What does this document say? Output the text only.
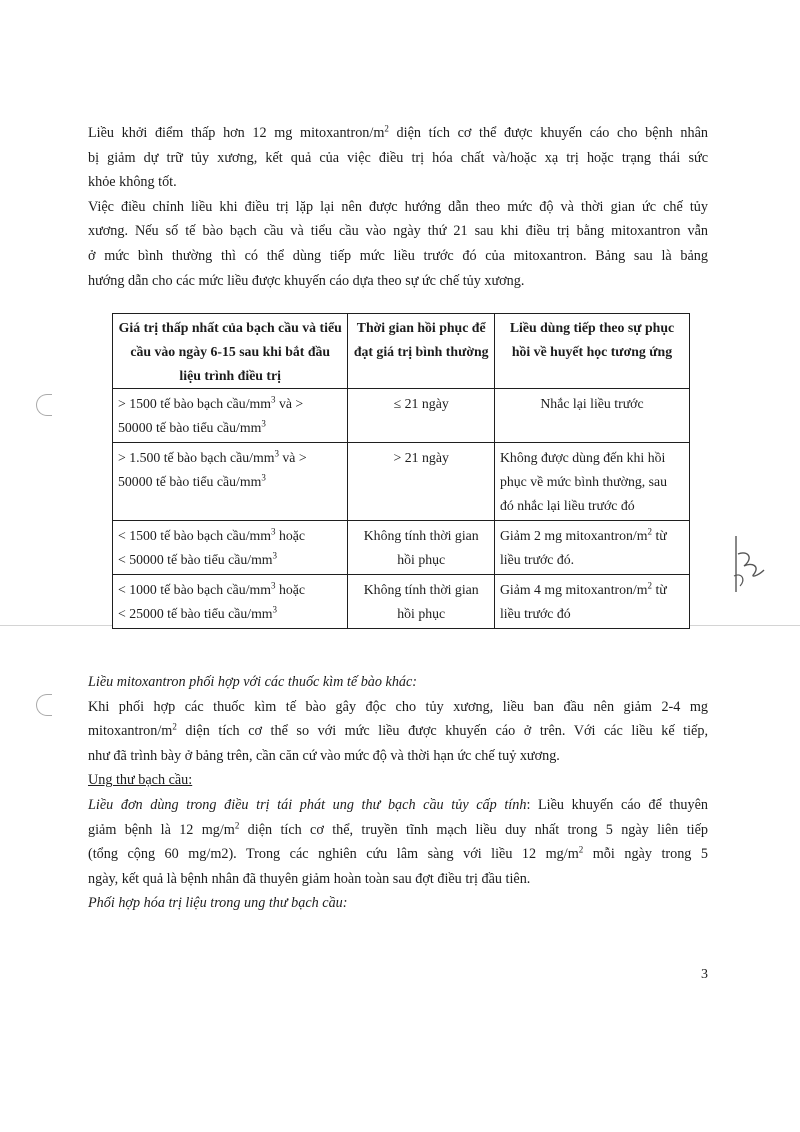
Liều khởi điểm thấp hơn 12 mg mitoxantron/$m^2$ diện tích cơ thể được khuyến cáo cho bệnh nhân

bị giảm dự trữ tủy xương, kết quả của việc điều trị hóa chất và/hoặc xạ trị hoặc trạng thái sức

khỏe không tốt.

Việc điều chỉnh liều khi điều trị lặp lại nên được hướng dẫn theo mức độ và thời gian ức chế tủy

xương. Nếu số tế bào bạch cầu và tiểu cầu vào ngày thứ 21 sau khi điều trị bằng mitoxantron vẫn

ở mức bình thường thì có thể dùng tiếp mức liều trước đó của mitoxantron. Bảng sau là bảng

hướng dẫn cho các mức liều được khuyến cáo dựa theo sự ức chế tủy xương.

Giá trị thấp nhất của bạch cầu và tiểu cầu vào ngày 6-15 sau khi bắt đầu liệu trình điều trị	Thời gian hồi phục để đạt giá trị bình thường	Liều dùng tiếp theo sự phục hồi về huyết học tương ứng
> 1500 tế bào bạch cầu/$mm^3$ và >
50000 tế bào tiểu cầu/$mm^3$	≤ 21 ngày	Nhắc lại liều trước
> 1.500 tế bào bạch cầu/$mm^3$ và >
50000 tế bào tiểu cầu/$mm^3$	> 21 ngày	Không được dùng đến khi hồi phục về mức bình thường, sau đó nhắc lại liều trước đó
< 1500 tế bào bạch cầu/$mm^3$ hoặc
< 50000 tế bào tiểu cầu/$mm^3$	Không tính thời gian hồi phục	Giảm 2 mg mitoxantron/$m^2$ từ liều trước đó.
< 1000 tế bào bạch cầu/$mm^3$ hoặc
< 25000 tế bào tiểu cầu/$mm^3$	Không tính thời gian hồi phục	Giảm 4 mg mitoxantron/$m^2$ từ liều trước đó

Liều mitoxantron phối hợp với các thuốc kìm tế bào khác:

Khi phối hợp các thuốc kìm tế bào gây độc cho tủy xương, liều ban đầu nên giảm 2-4 mg

mitoxantron/$m^2$ diện tích cơ thể so với mức liều được khuyến cáo ở trên. Với các liều kế tiếp,

như đã trình bày ở bảng trên, cần căn cứ vào mức độ và thời hạn ức chế tuỷ xương.

Ung thư bạch cầu:

Liều đơn dùng trong điều trị tái phát ung thư bạch cầu tủy cấp tính: Liều khuyến cáo để thuyên

giảm bệnh là 12 $mg/m^2$ diện tích cơ thể, truyền tĩnh mạch liều duy nhất trong 5 ngày liên tiếp

(tổng cộng 60 mg/m2). Trong các nghiên cứu lâm sàng với liều 12 $mg/m^2$ mỗi ngày trong 5

ngày, kết quả là bệnh nhân đã thuyên giảm hoàn toàn sau đợt điều trị đầu tiên.

Phối hợp hóa trị liệu trong ung thư bạch cầu:

3
